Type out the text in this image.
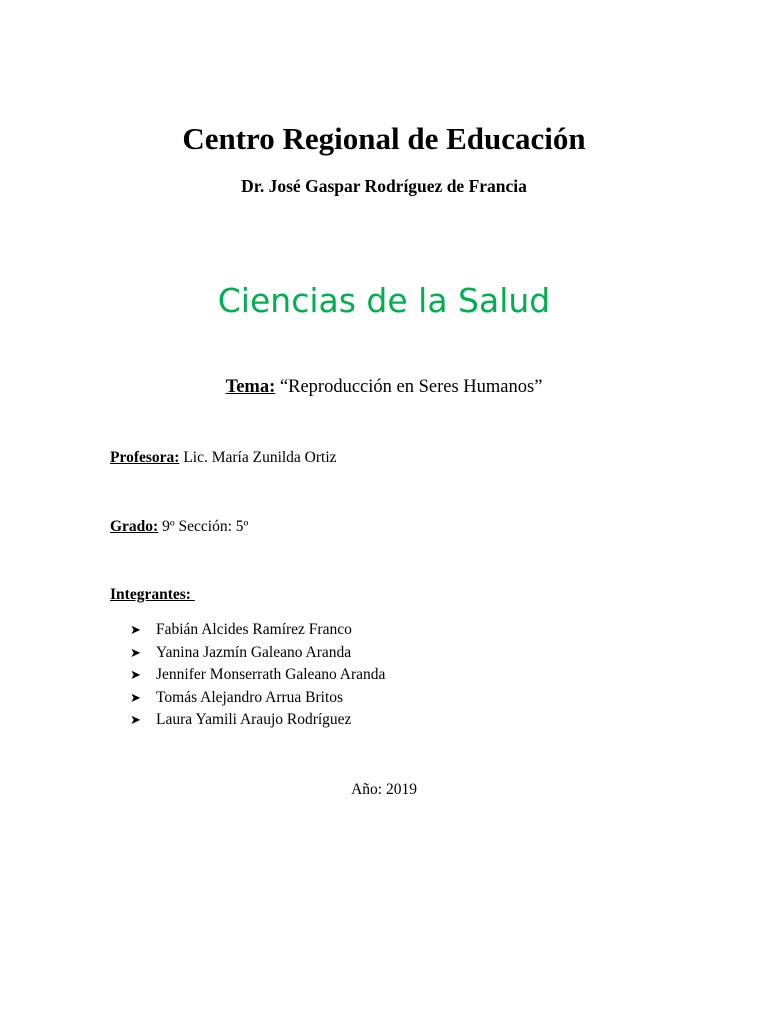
Centro Regional de Educación
Dr. José Gaspar Rodríguez de Francia
Ciencias de la Salud
Tema: “Reproducción en Seres Humanos”
Profesora: Lic. María Zunilda Ortiz
Grado: 9º Sección: 5º
Integrantes:
➤ Fabián Alcides Ramírez Franco
➤ Yanina Jazmín Galeano Aranda
➤ Jennifer Monserrath Galeano Aranda
➤ Tomás Alejandro Arrua Britos
➤ Laura Yamili Araujo Rodríguez
Año: 2019
